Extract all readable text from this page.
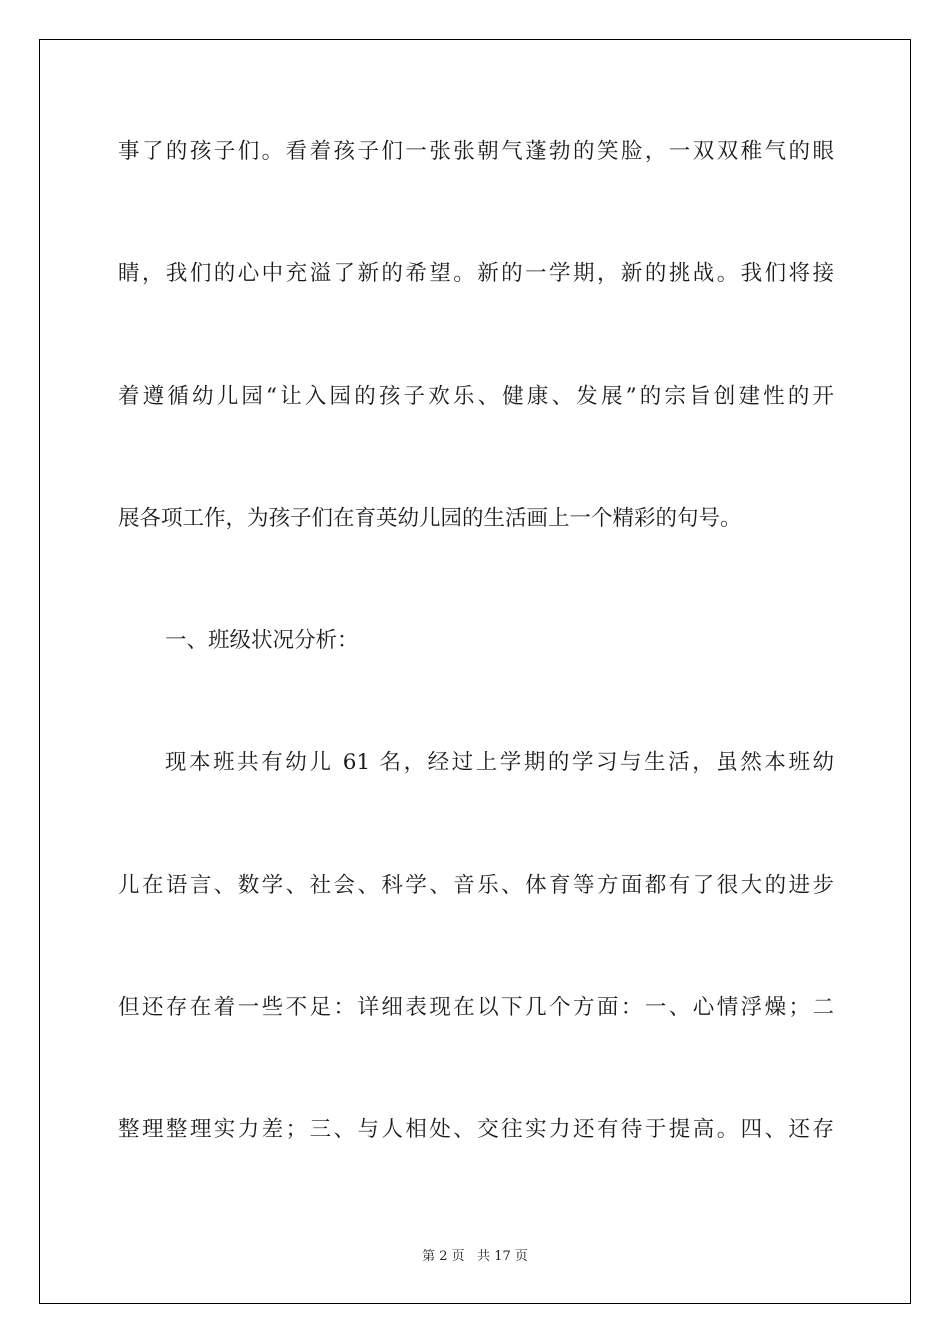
事了的孩子们。看着孩子们一张张朝气蓬勃的笑脸，一双双稚气的眼
睛，我们的心中充溢了新的希望。新的一学期，新的挑战。我们将接
着遵循幼儿园“让入园的孩子欢乐、健康、发展”的宗旨创建性的开
展各项工作，为孩子们在育英幼儿园的生活画上一个精彩的句号。
一、班级状况分析：
现本班共有幼儿 61 名，经过上学期的学习与生活，虽然本班幼
儿在语言、数学、社会、科学、音乐、体育等方面都有了很大的进步
但还存在着一些不足：详细表现在以下几个方面：一、心情浮燥；二
整理整理实力差；三、与人相处、交往实力还有待于提高。四、还存
第 2 页   共 17 页
